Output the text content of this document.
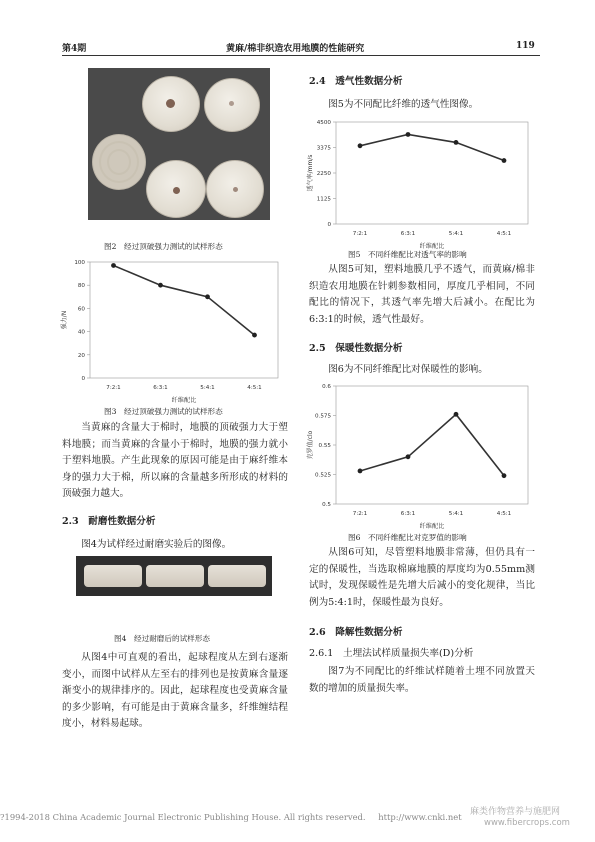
第4期	黄麻/棉非织造农用地膜的性能研究	119
图2　经过顶破强力测试的试样形态
100
80
60
40
20
0
7:2:1	6:3:1	5:4:1	4:5:1
纤维配比
强力/N
图3　经过顶破强力测试的试样形态
当黄麻的含量大于棉时，地膜的顶破强力大于塑料地膜；而当黄麻的含量小于棉时，地膜的强力就小于塑料地膜。产生此现象的原因可能是由于麻纤维本身的强力大于棉，所以麻的含量越多所形成的材料的顶破强力越大。
2.3　耐磨性数据分析
图4为试样经过耐磨实验后的图像。
图4　经过耐磨后的试样形态
从图4中可直观的看出，起球程度从左到右逐渐变小，而图中试样从左至右的排列也是按黄麻含量逐渐变小的规律排序的。因此，起球程度也受黄麻含量的多少影响，有可能是由于黄麻含量多，纤维缠结程度小，材料易起球。
2.4　透气性数据分析
图5为不同配比纤维的透气性图像。
4500
3375
2250
1125
0
7:2:1	6:3:1	5:4:1	4:5:1
纤维配比
透气率/mm/s
图5　不同纤维配比对透气率的影响
从图5可知，塑料地膜几乎不透气，而黄麻/棉非织造农用地膜在针刺参数相同，厚度几乎相同，不同配比的情况下，其透气率先增大后减小。在配比为6:3:1的时候，透气性最好。
2.5　保暖性数据分析
图6为不同纤维配比对保暖性的影响。
0.6
0.575
0.55
0.525
0.5
7:2:1	6:3:1	5:4:1	4:5:1
纤维配比
克罗值/clo
图6　不同纤维配比对克罗值的影响
从图6可知，尽管塑料地膜非常薄，但仍具有一定的保暖性，当选取棉麻地膜的厚度均为0.55mm测试时，发现保暖性是先增大后减小的变化规律，当比例为5:4:1时，保暖性最为良好。
2.6　降解性数据分析
2.6.1　土埋法试样质量损失率(D)分析
图7为不同配比的纤维试样随着土埋不同放置天数的增加的质量损失率。
?1994-2018 China Academic Journal Electronic Publishing House. All rights reserved. http://www.cnki.net 麻类作物营养与施肥网
www.fibercrops.com
